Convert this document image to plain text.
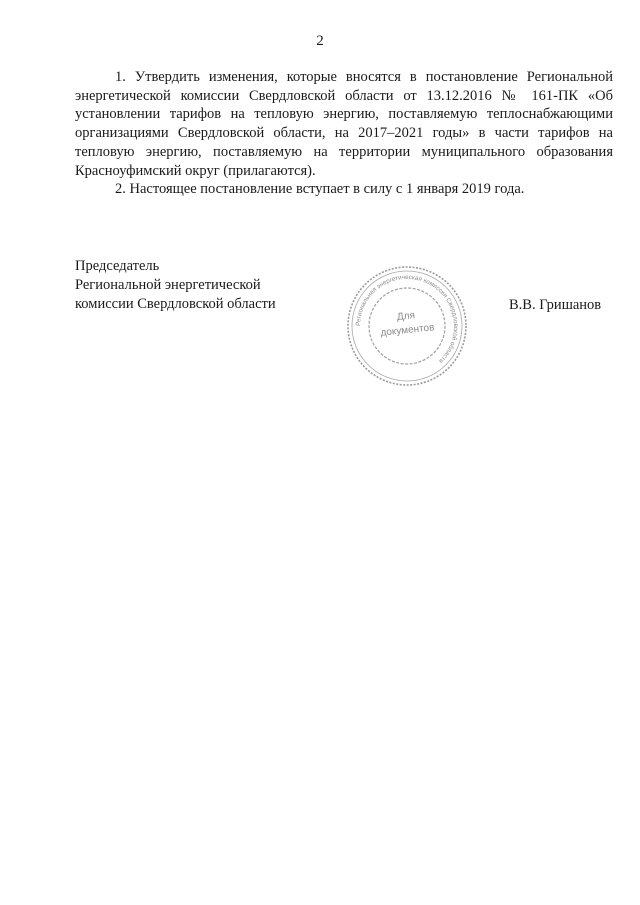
2

1. Утвердить изменения, которые вносятся в постановление Региональной энергетической комиссии Свердловской области от 13.12.2016 № 161-ПК «Об установлении тарифов на тепловую энергию, поставляемую теплоснабжающими организациями Свердловской области, на 2017–2021 годы» в части тарифов на тепловую энергию, поставляемую на территории муниципального образования Красноуфимский округ (прилагаются).

2. Настоящее постановление вступает в силу с 1 января 2019 года.

Председатель
Региональной энергетической
комиссии Свердловской области	В.В. Гришанов
Региональная энергетическая комиссия Свердловской области
Для
документов
